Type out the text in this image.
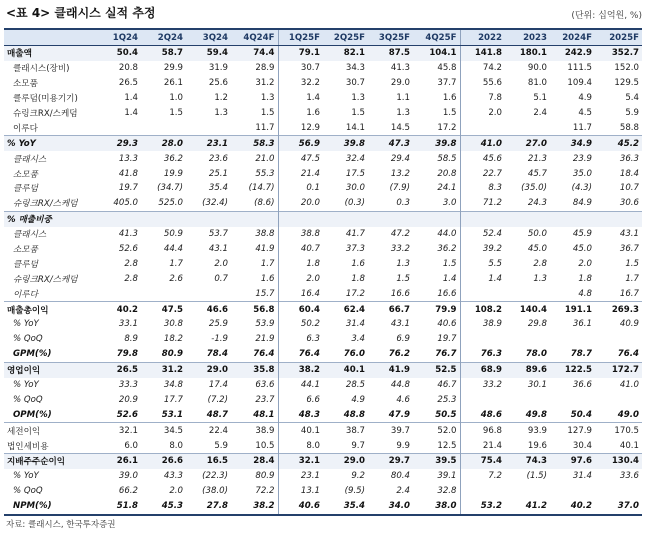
<표 4> 클래시스 실적 추정	(단위: 십억원, %)
	1Q24	2Q24	3Q24	4Q24F	1Q25F	2Q25F	3Q25F	4Q25F	2022	2023	2024F	2025F
매출액	50.4	58.7	59.4	74.4	79.1	82.1	87.5	104.1	141.8	180.1	242.9	352.7
클래시스(장비)	20.8	29.9	31.9	28.9	30.7	34.3	41.3	45.8	74.2	90.0	111.5	152.0
소모품	26.5	26.1	25.6	31.2	32.2	30.7	29.0	37.7	55.6	81.0	109.4	129.5
클루덤(미용기기)	1.4	1.0	1.2	1.3	1.4	1.3	1.1	1.6	7.8	5.1	4.9	5.4
슈링크RX/스케덤	1.4	1.5	1.3	1.5	1.6	1.5	1.3	1.5	2.0	2.4	4.5	5.9
이루다				11.7	12.9	14.1	14.5	17.2			11.7	58.8
% YoY	29.3	28.0	23.1	58.3	56.9	39.8	47.3	39.8	41.0	27.0	34.9	45.2
클래시스	13.3	36.2	23.6	21.0	47.5	32.4	29.4	58.5	45.6	21.3	23.9	36.3
소모품	41.8	19.9	25.1	55.3	21.4	17.5	13.2	20.8	22.7	45.7	35.0	18.4
클루덤	19.7	(34.7)	35.4	(14.7)	0.1	30.0	(7.9)	24.1	8.3	(35.0)	(4.3)	10.7
슈링크RX/스케덤	405.0	525.0	(32.4)	(8.6)	20.0	(0.3)	0.3	3.0	71.2	24.3	84.9	30.6
% 매출비중												
클래시스	41.3	50.9	53.7	38.8	38.8	41.7	47.2	44.0	52.4	50.0	45.9	43.1
소모품	52.6	44.4	43.1	41.9	40.7	37.3	33.2	36.2	39.2	45.0	45.0	36.7
클루덤	2.8	1.7	2.0	1.7	1.8	1.6	1.3	1.5	5.5	2.8	2.0	1.5
슈링크RX/스케덤	2.8	2.6	0.7	1.6	2.0	1.8	1.5	1.4	1.4	1.3	1.8	1.7
이루다				15.7	16.4	17.2	16.6	16.6			4.8	16.7
매출총이익	40.2	47.5	46.6	56.8	60.4	62.4	66.7	79.9	108.2	140.4	191.1	269.3
% YoY	33.1	30.8	25.9	53.9	50.2	31.4	43.1	40.6	38.9	29.8	36.1	40.9
% QoQ	8.9	18.2	-1.9	21.9	6.3	3.4	6.9	19.7				
GPM(%)	79.8	80.9	78.4	76.4	76.4	76.0	76.2	76.7	76.3	78.0	78.7	76.4
영업이익	26.5	31.2	29.0	35.8	38.2	40.1	41.9	52.5	68.9	89.6	122.5	172.7
% YoY	33.3	34.8	17.4	63.6	44.1	28.5	44.8	46.7	33.2	30.1	36.6	41.0
% QoQ	20.9	17.7	(7.2)	23.7	6.6	4.9	4.6	25.3				
OPM(%)	52.6	53.1	48.7	48.1	48.3	48.8	47.9	50.5	48.6	49.8	50.4	49.0
세전이익	32.1	34.5	22.4	38.9	40.1	38.7	39.7	52.0	96.8	93.9	127.9	170.5
법인세비용	6.0	8.0	5.9	10.5	8.0	9.7	9.9	12.5	21.4	19.6	30.4	40.1
지배주주순이익	26.1	26.6	16.5	28.4	32.1	29.0	29.7	39.5	75.4	74.3	97.6	130.4
% YoY	39.0	43.3	(22.3)	80.9	23.1	9.2	80.4	39.1	7.2	(1.5)	31.4	33.6
% QoQ	66.2	2.0	(38.0)	72.2	13.1	(9.5)	2.4	32.8				
NPM(%)	51.8	45.3	27.8	38.2	40.6	35.4	34.0	38.0	53.2	41.2	40.2	37.0
자료: 클래시스, 한국투자증권
